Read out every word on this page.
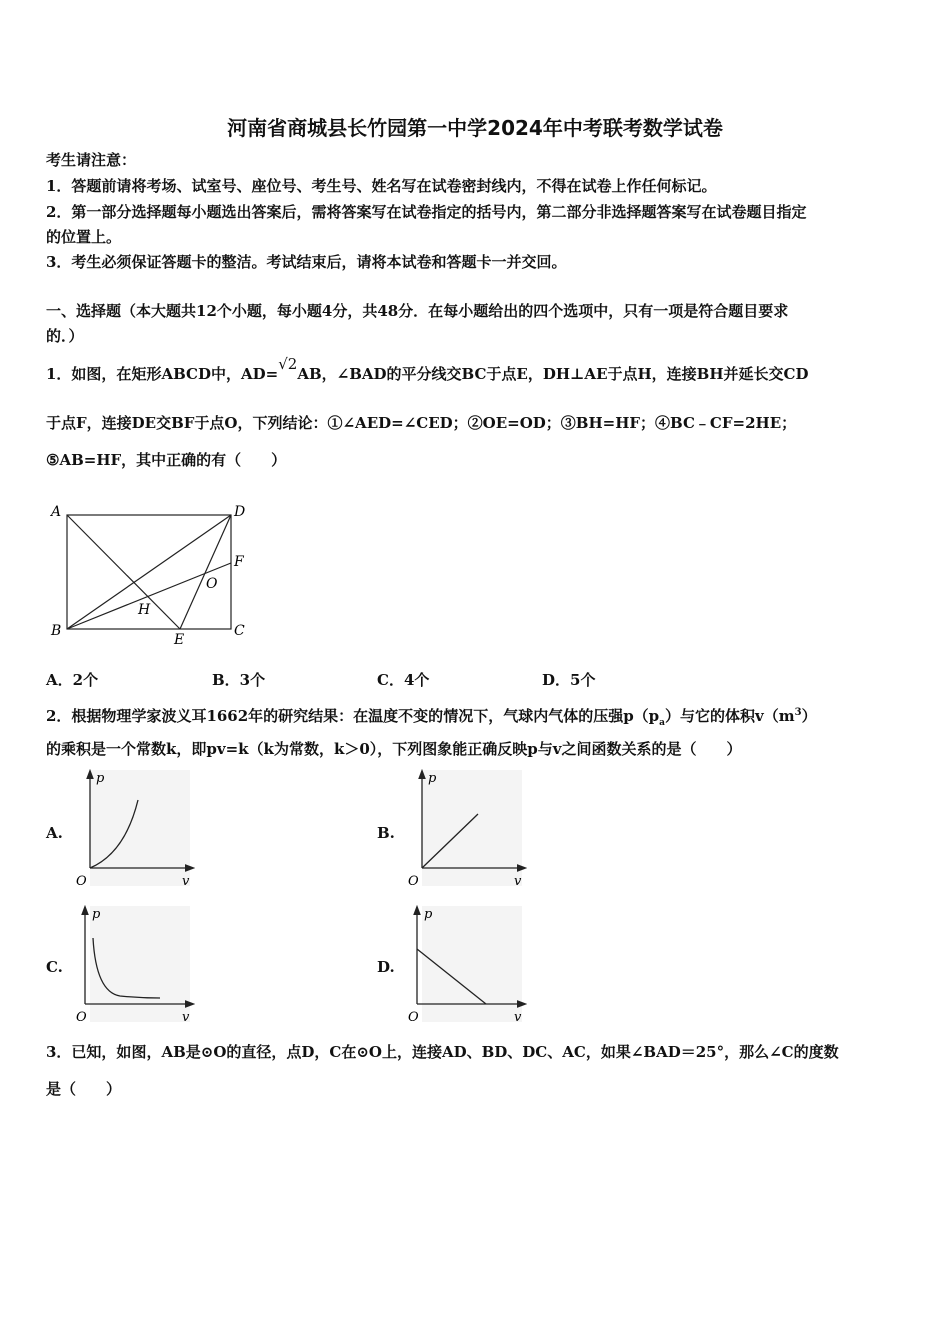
河南省商城县长竹园第一中学2024年中考联考数学试卷
考生请注意：
1．答题前请将考场、试室号、座位号、考生号、姓名写在试卷密封线内，不得在试卷上作任何标记。
2．第一部分选择题每小题选出答案后，需将答案写在试卷指定的括号内，第二部分非选择题答案写在试卷题目指定
的位置上。
3．考生必须保证答题卡的整洁。考试结束后，请将本试卷和答题卡一并交回。
一、选择题（本大题共12个小题，每小题4分，共48分．在每小题给出的四个选项中，只有一项是符合题目要求
的．）
1．如图，在矩形ABCD中，AD=√2AB，∠BAD的平分线交BC于点E，DH⊥AE于点H，连接BH并延长交CD
于点F，连接DE交BF于点O，下列结论：①∠AED=∠CED；②OE=OD；③BH=HF；④BC﹣CF=2HE；
⑤AB=HF，其中正确的有（　　）
A	D
F
O
H
B
E
C
A．2个	B．3个	C．4个	D．5个
2．根据物理学家波义耳1662年的研究结果：在温度不变的情况下，气球内气体的压强$p(p_a)$与它的体积$v(m^3)$
的乘积是一个常数k，即pv=k（k为常数，k＞0），下列图象能正确反映p与v之间函数关系的是（　　）
A.	B.
C.	D.
p
O	v
p
O	v
p
O	v
p
O	v
3．已知，如图，AB是⊙O的直径，点D，C在⊙O上，连接AD、BD、DC、AC，如果∠BAD＝25°，那么∠C的度数
是（　　）
